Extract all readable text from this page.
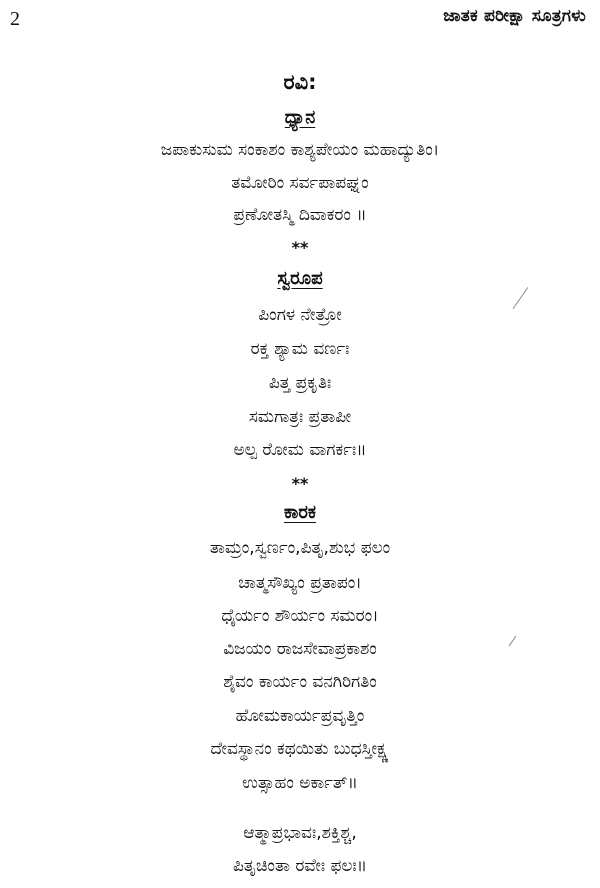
2	ಜಾತಕ ಪರೀಕ್ಷಾ ಸೂತ್ರಗಳು
ರವಿ:
ಧ್ಯಾನ
ಜಪಾಕುಸುಮ ಸಂಕಾಶಂ ಕಾಶ್ಯಪೇಯಂ ಮಹಾದ್ಯುತಿಂ।
ತಮೋರಿಂ ಸರ್ವಪಾಪಘ್ನಂ
ಪ್ರಣೋತಸ್ಮಿ ದಿವಾಕರಂ ॥
**
ಸ್ವರೂಪ
ಪಿಂಗಳ ನೇತ್ರೋ
ರಕ್ತ ಶ್ಯಾಮ ವರ್ಣಃ
ಪಿತ್ತ ಪ್ರಕೃತಿಃ
ಸಮಗಾತ್ರಃ ಪ್ರತಾಪೀ
ಅಲ್ಪ ರೋಮ ವಾಗರ್ಕಃ॥
**
ಕಾರಕ
ತಾಮ್ರಂ,ಸ್ವರ್ಣಂ,ಪಿತೃ,ಶುಭ ಫಲಂ
ಚಾತ್ಮಸೌಖ್ಯಂ ಪ್ರತಾಪಂ।
ಧೈರ್ಯಂ ಶೌರ್ಯಂ ಸಮರಂ।
ವಿಜಯಂ ರಾಜಸೇವಾಪ್ರಕಾಶಂ
ಶೈವಂ ಕಾರ್ಯಂ ವನಗಿರಿಗತಿಂ
ಹೋಮಕಾರ್ಯಪ್ರವೃತ್ತಿಂ
ದೇವಸ್ಥಾನಂ ಕಥಯಿತು ಬುಧಸ್ತೀಕ್ಷ್ಣ
ಉತ್ಸಾಹಂ ಅರ್ಕಾತ್॥
ಆತ್ಮಾಪ್ರಭಾವಃ,ಶಕ್ತಿಶ್ಚ,
ಪಿತೃಚಿಂತಾ ರವೇಃ ಫಲಃ॥
